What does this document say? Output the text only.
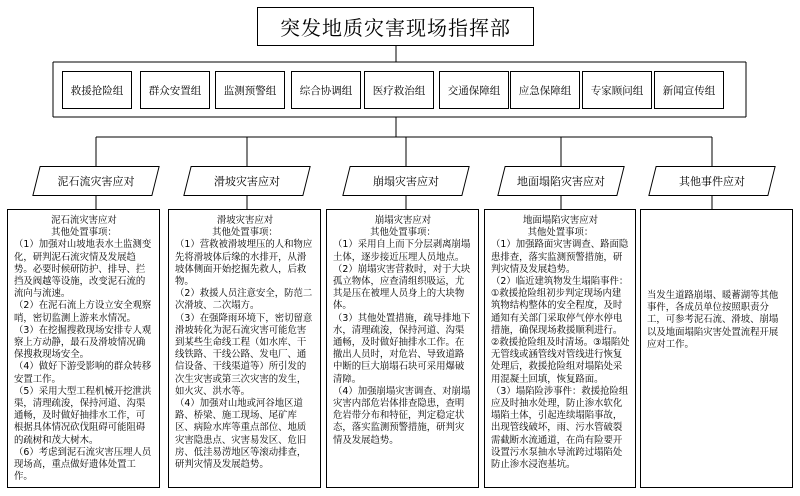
突发地质灾害现场指挥部
救援抢险组	群众安置组	监测预警组	综合协调组	医疗救治组	交通保障组	应急保障组	专家顾问组	新闻宣传组
泥石流灾害应对	滑坡灾害应对	崩塌灾害应对	地面塌陷灾害应对	其他事件应对
泥石流灾害应对
其他处置事项：
（1）加强对山坡地表水土监测变化，研判泥石流灾情及发展趋势。必要时候研防护、排导、拦挡及阀越等设施，改变泥石流的流向与流速。
（2）在泥石流上方设立安全观察哨，密切监测上游来水情况。
（3）在挖掘搜救现场安排专人观察上方动静，最石及滑坡情况确保搜救现场安全。
（4）做好下游受影响的群众转移安置工作。
（5）采用大型工程机械开挖泄洪渠，清理疏浚，保持河道、沟渠通畅，及时做好抽排水工作，可根据具体情况砍伐阻碍可能阻碍的疏树和茂大树木。
（6）考虑到泥石流灾害压埋人员现场高，重点做好遗体处置工作。
滑坡灾害应对
其他处置事项：
（1）营救被滑坡埋压的人和物应先将滑坡体后缘的水排开，从滑坡体侧面开始挖掘先救人，后救物。
（2）救援人员注意安全，防范二次滑坡、二次塌方。
（3）在强降雨环境下，密切留意滑坡转化为泥石流灾害可能危害到某些生命线工程（如水库、干线铁路、干线公路、发电厂、通信设备、干线渠道等）所引发的次生灾害或第三次灾害的发生，如火灾、洪水等。
（4）加强对山地或河谷地区道路、桥梁、施工现场、尾矿库区、病险水库等重点部位、地质灾害隐患点、灾害易发区、危旧房、低洼易涝地区等滚动排查，研判灾情及发展趋势。
崩塌灾害应对
其他处置事项：
（1）采用自上而下分层剥离崩塌土体，逐步接近压埋人员地点。
（2）崩塌灾害营救时，对于大块孤立物体，应查清组织吸运，尤其是压在被埋人员身上的大块物体。
（3）其他处置措施，疏导排地下水，清理疏浚，保持河道、沟渠通畅，及时做好抽排水工作。在撤出人员时，对危岩、导致道路中断的巨大崩塌石块可采用爆破清障。
（4）加强崩塌灾害调查、对崩塌灾害内部危岩体排查隐患，查明危岩带分布和特征，判定稳定状态，落实监测预警措施，研判灾情及发展趋势。
地面塌陷灾害应对
其他处置事项：
（1）加强路面灾害调查、路面隐患排查，落实监测预警措施，研判灾情及发展趋势。
（2）临近建筑物发生塌陷事件：
①救援抢险组初步判定现场内建筑物结构整体的安全程度，及时通知有关部门采取停气停水停电措施，确保现场救援顺利进行。②救援抢险组及时清场。③塌陷处无管线或涵管线对管线进行恢复处理后，救援抢险组对塌陷处采用混凝土回填，恢复路面。
（3）塌陷险涉事件：救援抢险组应及时抽水处理，防止渗水软化塌陷土体，引起连续塌陷事故，出现管线破坏，雨、污水管破裂需截断水流通道，在尚有险要开设置污水泵抽水导流跨过塌陷处防止渗水浸泡基坑。
当发生道路崩塌、暖蓄湖等其他事件，各成员单位按照职责分工，可参考泥石流、滑坡、崩塌以及地面塌陷灾害处置流程开展应对工作。
